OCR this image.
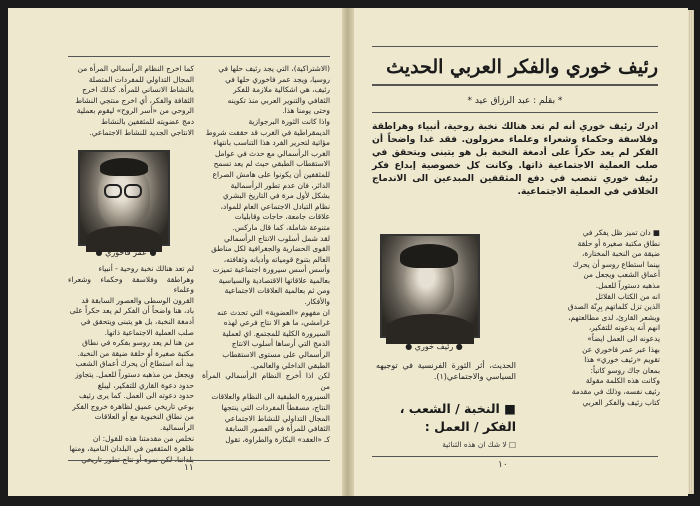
(الاشتراكية)، التي يجد رئيف حلها في

روسيا، ويجد عمر فاخوري حلها في

رئيف، هي اشكالية ملازمة للفكر

الثقافي والتنوير العربي منذ تكوينه

وحتى يومنا هذا.

واذا كانت الثورة البرجوازية

الديمقراطية في الغرب قد حققت شروط

مؤاتية لتحرير الفرد هذا التناسب بانتهاء

الغرب الرأسمالي مع حدث في عوامل

الاستقطاب الطبقي حيث لم يعد تسمح

للمثقفين أن يكونوا على هامش الصراع

الدائر، فان عدم تطور الرأسمالية

بشكل لأول مرة في التاريخ البشري

نظام التبادل الاجتماعي العام للمواد،

علاقات جامعة، حاجات وقابليات

متنوعة شاملة، كما قال ماركس.

لقد شمل أسلوب الانتاج الرأسمالي

القوى الحضارية والجغرافية لكل مناطق

العالم بتنوع قومياته وأديانه وثقافته،

وأسس أسس سيرورة اجتماعية تميزت

بعالمية علاقاتها الاقتصادية والسياسية

ومن ثم بعالمية العلاقات الاجتماعية

والأفكار.

ان مفهوم «العضوية» التي تحدث عنه

غرامشي، ما هو الا نتاج فرعي لهذه

السيرورة الكلية للمجتمع. اي لعملية

الدمج التي أرساها أسلوب الانتاج

الرأسمالي على مستوى الاستقطاب

الطبقي الداخلي والعالمي.

لكن اذا أخرج النظام الرأسمالي المرأة من

السيرورة الطبقية الى النظام والعلاقات

النتاج، مسقطاً المفردات التي ينتجها

المجال التداولي للنشاط الاجتماعي

الثقافي للمرأة في العصور السابقة

كـ «العقد» البكارة والطراوة، تقول

كما اخرج النظام الرأسمالي المرأة من

المجال التداولي للمفردات المتصلة

بالنشاط الانساني للمرأة. كذلك اخرج

الثقافة والفكر، أي اخرج منتجي النشاط

الروحي من «أسر الروح» ليقوم بعملية

دمج عضويته للمثقفين بالنشاط

الانتاجي الجديد للنشاط الاجتماعي.

● عمر فاخوري ●

لم تعد هنالك نخبة روحية - أنبياء

وهراطقة وفلاسفة وحكماء وشعراء وعلماء

القرون الوسطى والعصور السابقة قد

باد، هنا واضحاً أن الفكر لم يعد حكراً على

أدمغة النخبة، بل هو يتبنى ويتحقق في

صلب العملية الاجتماعية ذاتها.

من هنا لم يعد روسو بفكره في نطاق

مكتبة صغيرة أو حلقة ضيقة من النخبة.

بيد أنه استطاع أن يحرك أعماق الشعب

ويجعل من مذهبه دستوراً للعمل. يتجاوز

حدود دعوة القاري للتفكير، ليبلغ

حدود دعوته الى العمل. كما يرى رئيف

بوعي تاريخي عميق لظاهرة خروج الفكر

من نطاق النخبوية مع أو العلاقات

الرأسمالية.

نخلص من مقدمتنا هذه للقول: ان

ظاهرة المثقفين في البلدان النامية، ومنها

بلداننا، لكن نموه أو نتاج تطور تاريخي

١١
رئيف خوري والفكر العربي الحديث
* بقلم : عبد الرزاق عيد *
ادرك رئيف خوري أنه لم تعد هنالك نخبة روحية، أنبياء وهراطقة وفلاسفة وحكماء وشعراء وعلماء معزولون. فقد غدا واضحاً أن الفكر لم يعد حكراً على أدمغة النخبة بل هو يتبنى ويتحقق في صلب العملية الاجتماعية ذاتها. وكانت كل خصوصية إبداع فكر رئيف خوري تنصب في دفع المثقفين المبدعين الى الاندماج الخلاقي في العملية الاجتماعية.

■ دان تميز ظل يفكر في

نطاق مكتبة صغيرة أو حلقة

ضيقة من النخبة المختارة،

بينما استطاع روسو أن يحرك

أعماق الشعب ويجعل من

مذهبه دستوراً للعمل.

انه من الكتاب القلائل

الذين تزل كلماتهم بِرِنّة الصدق

ويشعر القارئ، لدى مطالعتهم،

انهم أنه يدعونه للتفكير،

يدعونه الى العمل ايضاً»

بهذا عبر عمر فاخوري عن

تقويم «رئيف خوري» هذا

بمعان جاك روسو كاتباً:

وكانت هذه الكلمة مقولة

رئيف نفسه، وذلك في مقدمة

كتاب رئيف والفكر العربي

● رئيف خوري ●
الحديث، أثر الثورة الفرنسية في توجيهه السياسي والاجتماعي(١).
■ النخبة / الشعب ،
الفكر / العمل :
□ لا شك ان هذه الثنائية
١٠
